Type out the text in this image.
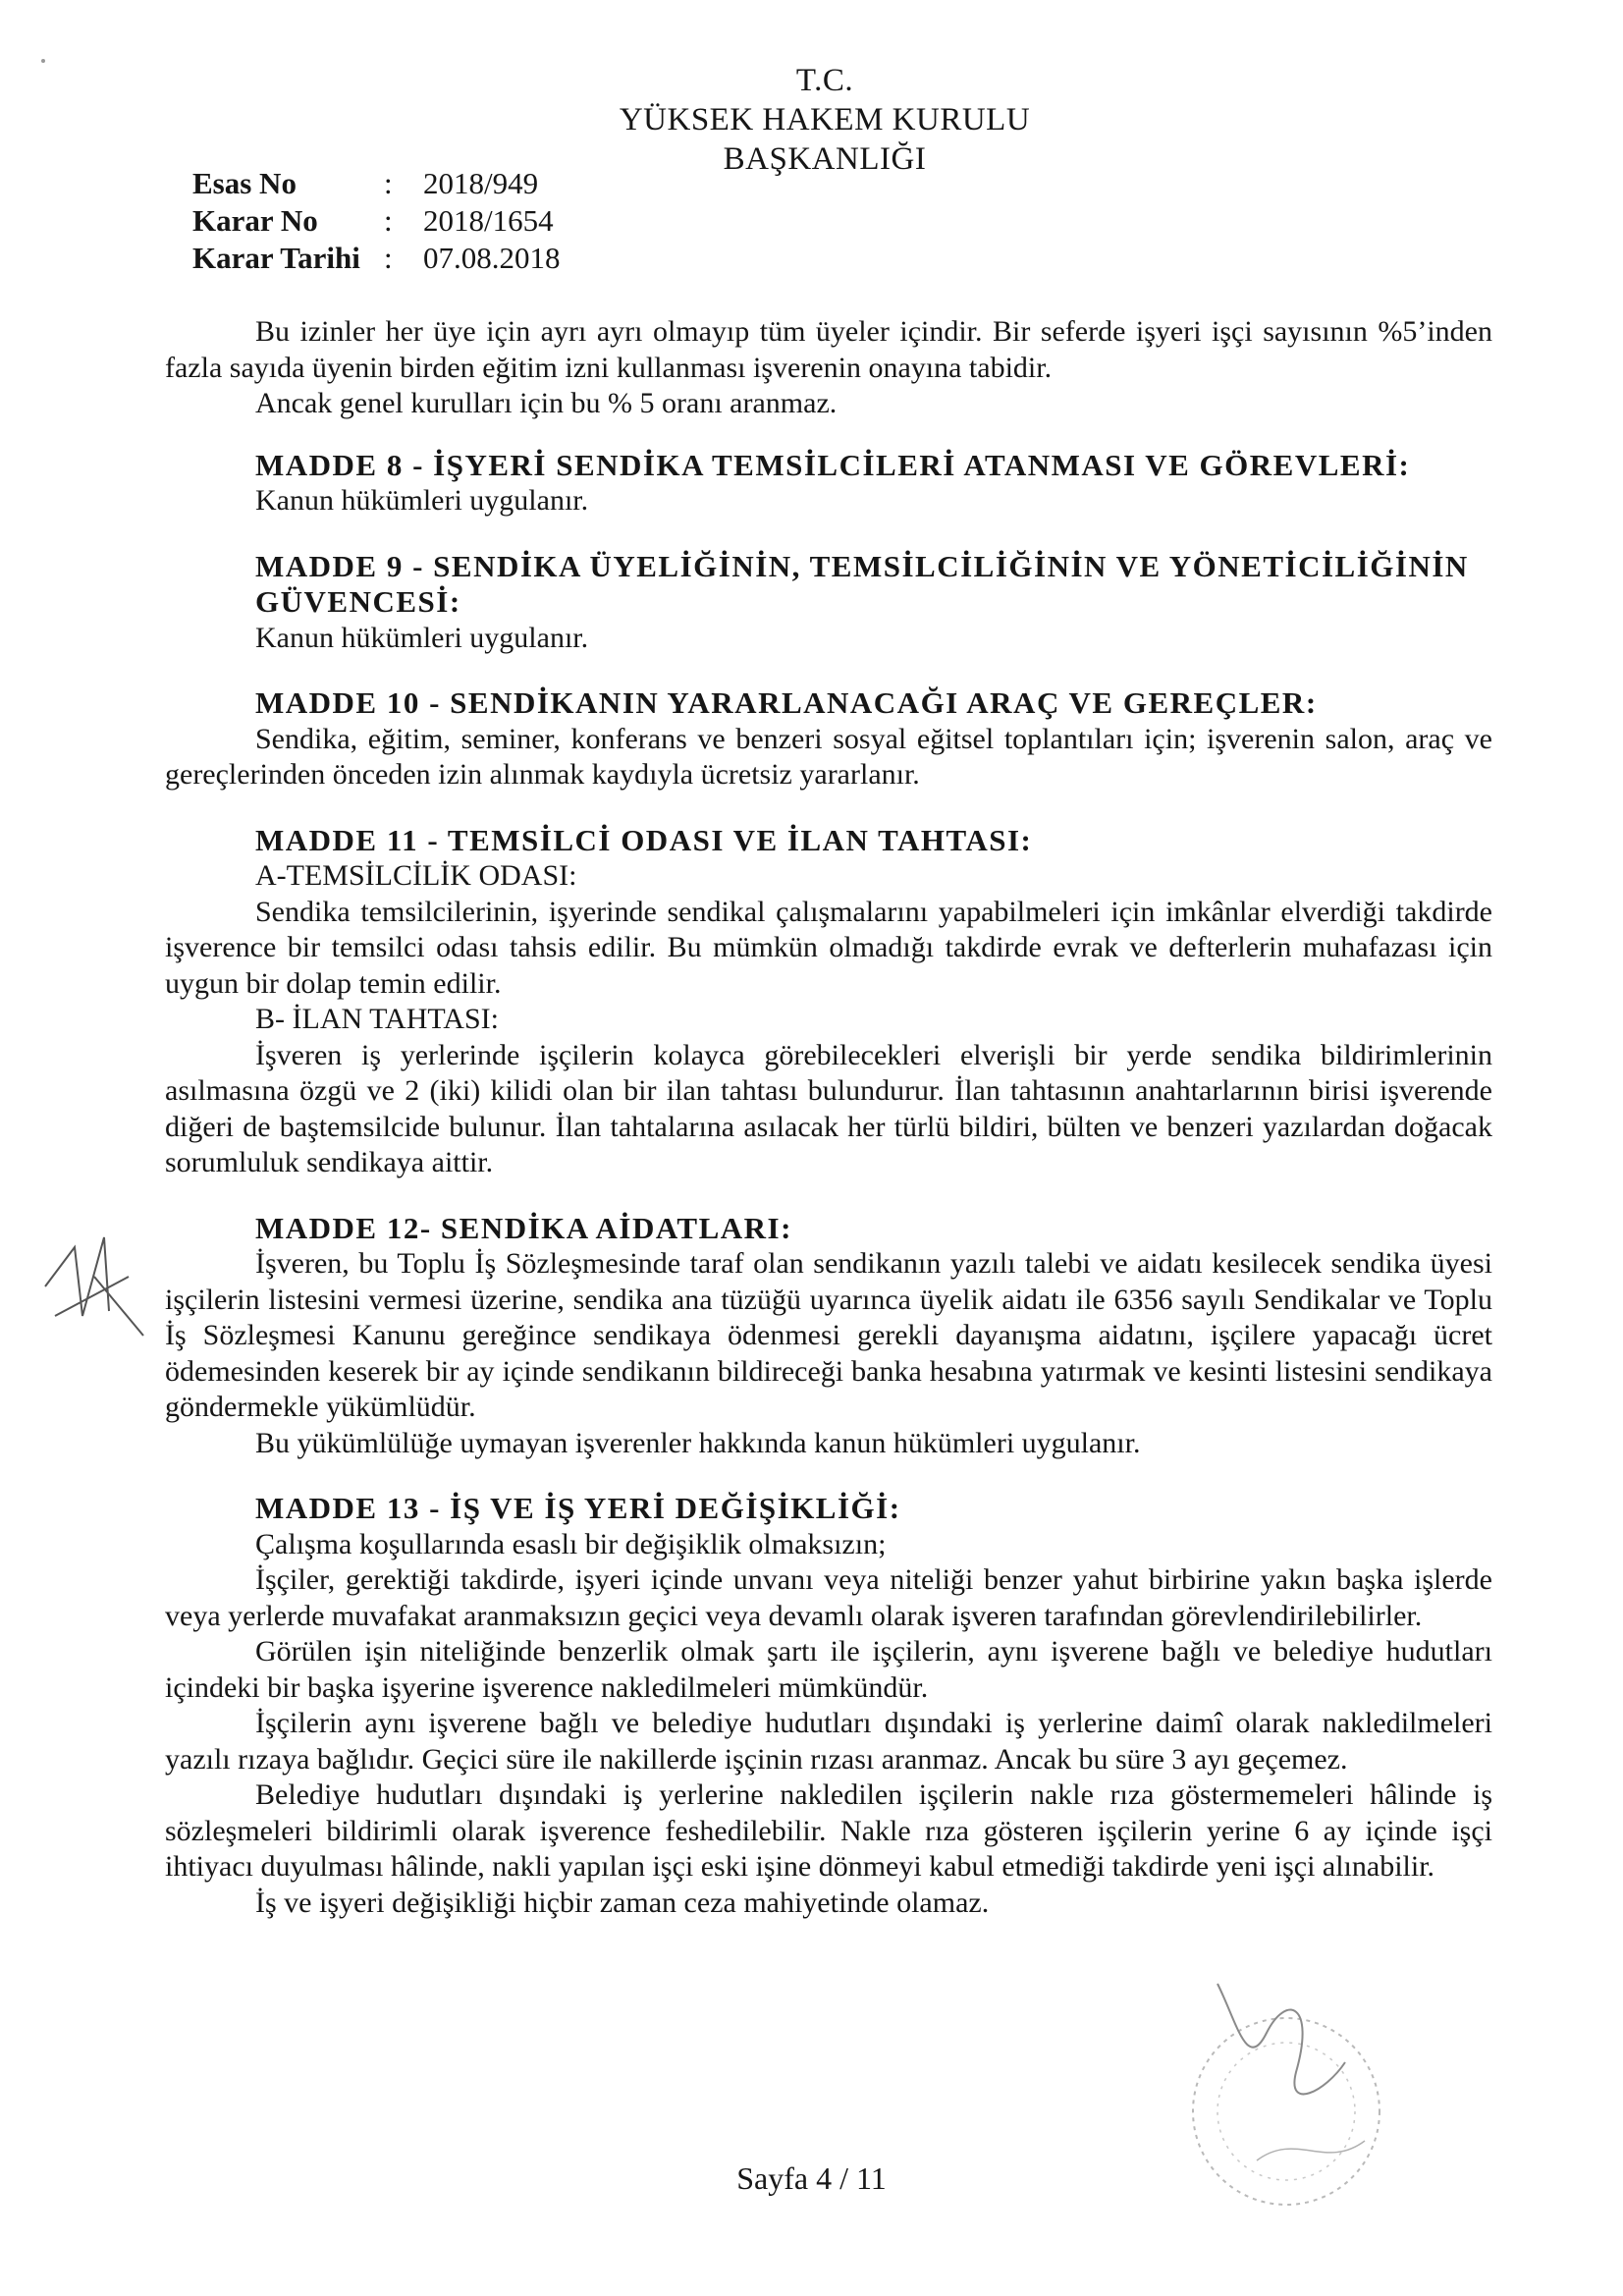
T.C.
YÜKSEK HAKEM KURULU
BAŞKANLIĞI
Esas No	:	2018/949
Karar No	:	2018/1654
Karar Tarihi :	07.08.2018

Bu izinler her üye için ayrı ayrı olmayıp tüm üyeler içindir. Bir seferde işyeri işçi sayısının %5’inden fazla sayıda üyenin birden eğitim izni kullanması işverenin onayına tabidir.

Ancak genel kurulları için bu % 5 oranı aranmaz.

MADDE 8 - İŞYERİ SENDİKA TEMSİLCİLERİ ATANMASI VE GÖREVLERİ:

Kanun hükümleri uygulanır.

MADDE 9 - SENDİKA ÜYELİĞİNİN, TEMSİLCİLİĞİNİN VE YÖNETİCİLİĞİNİN GÜVENCESİ:

Kanun hükümleri uygulanır.

MADDE 10 - SENDİKANIN YARARLANACAĞI ARAÇ VE GEREÇLER:

Sendika, eğitim, seminer, konferans ve benzeri sosyal eğitsel toplantıları için; işverenin salon, araç ve gereçlerinden önceden izin alınmak kaydıyla ücretsiz yararlanır.

MADDE 11 - TEMSİLCİ ODASI VE İLAN TAHTASI:

A-TEMSİLCİLİK ODASI:

Sendika temsilcilerinin, işyerinde sendikal çalışmalarını yapabilmeleri için imkânlar elverdiği takdirde işverence bir temsilci odası tahsis edilir. Bu mümkün olmadığı takdirde evrak ve defterlerin muhafazası için uygun bir dolap temin edilir.

B- İLAN TAHTASI:

İşveren iş yerlerinde işçilerin kolayca görebilecekleri elverişli bir yerde sendika bildirimlerinin asılmasına özgü ve 2 (iki) kilidi olan bir ilan tahtası bulundurur. İlan tahtasının anahtarlarının birisi işverende diğeri de baştemsilcide bulunur. İlan tahtalarına asılacak her türlü bildiri, bülten ve benzeri yazılardan doğacak sorumluluk sendikaya aittir.

MADDE 12- SENDİKA AİDATLARI:

İşveren, bu Toplu İş Sözleşmesinde taraf olan sendikanın yazılı talebi ve aidatı kesilecek sendika üyesi işçilerin listesini vermesi üzerine, sendika ana tüzüğü uyarınca üyelik aidatı ile 6356 sayılı Sendikalar ve Toplu İş Sözleşmesi Kanunu gereğince sendikaya ödenmesi gerekli dayanışma aidatını, işçilere yapacağı ücret ödemesinden keserek bir ay içinde sendikanın bildireceği banka hesabına yatırmak ve kesinti listesini sendikaya göndermekle yükümlüdür.

Bu yükümlülüğe uymayan işverenler hakkında kanun hükümleri uygulanır.

MADDE 13 - İŞ VE İŞ YERİ DEĞİŞİKLİĞİ:

Çalışma koşullarında esaslı bir değişiklik olmaksızın;

İşçiler, gerektiği takdirde, işyeri içinde unvanı veya niteliği benzer yahut birbirine yakın başka işlerde veya yerlerde muvafakat aranmaksızın geçici veya devamlı olarak işveren tarafından görevlendirilebilirler.

Görülen işin niteliğinde benzerlik olmak şartı ile işçilerin, aynı işverene bağlı ve belediye hudutları içindeki bir başka işyerine işverence nakledilmeleri mümkündür.

İşçilerin aynı işverene bağlı ve belediye hudutları dışındaki iş yerlerine daimî olarak nakledilmeleri yazılı rızaya bağlıdır. Geçici süre ile nakillerde işçinin rızası aranmaz. Ancak bu süre 3 ayı geçemez.

Belediye hudutları dışındaki iş yerlerine nakledilen işçilerin nakle rıza göstermemeleri hâlinde iş sözleşmeleri bildirimli olarak işverence feshedilebilir. Nakle rıza gösteren işçilerin yerine 6 ay içinde işçi ihtiyacı duyulması hâlinde, nakli yapılan işçi eski işine dönmeyi kabul etmediği takdirde yeni işçi alınabilir.

İş ve işyeri değişikliği hiçbir zaman ceza mahiyetinde olamaz.

Sayfa 4 / 11
